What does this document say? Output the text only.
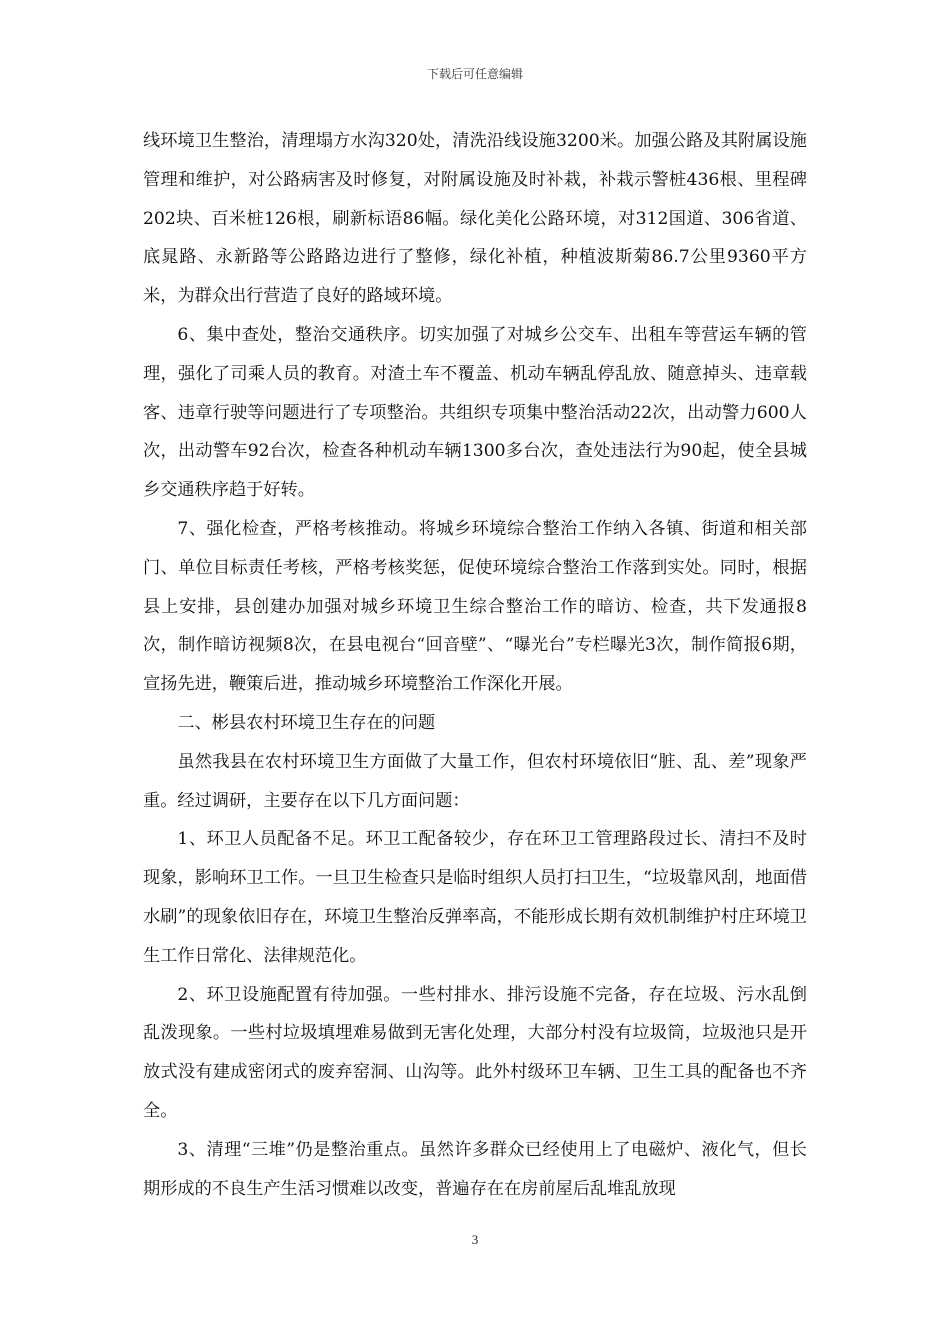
下载后可任意编辑

线环境卫生整治，清理塌方水沟320处，清洗沿线设施3200米。加强公路及其附属设施管理和维护，对公路病害及时修复，对附属设施及时补栽，补栽示警桩436根、里程碑202块、百米桩126根，刷新标语86幅。绿化美化公路环境，对312国道、306省道、底晁路、永新路等公路路边进行了整修，绿化补植，种植波斯菊86.7公里9360平方米，为群众出行营造了良好的路域环境。

6、集中查处，整治交通秩序。切实加强了对城乡公交车、出租车等营运车辆的管理，强化了司乘人员的教育。对渣土车不覆盖、机动车辆乱停乱放、随意掉头、违章载客、违章行驶等问题进行了专项整治。共组织专项集中整治活动22次，出动警力600人次，出动警车92台次，检查各种机动车辆1300多台次，查处违法行为90起，使全县城乡交通秩序趋于好转。

7、强化检查，严格考核推动。将城乡环境综合整治工作纳入各镇、街道和相关部门、单位目标责任考核，严格考核奖惩，促使环境综合整治工作落到实处。同时，根据县上安排，县创建办加强对城乡环境卫生综合整治工作的暗访、检查，共下发通报8次，制作暗访视频8次，在县电视台“回音壁”、“曝光台”专栏曝光3次，制作简报6期，宣扬先进，鞭策后进，推动城乡环境整治工作深化开展。

二、彬县农村环境卫生存在的问题

虽然我县在农村环境卫生方面做了大量工作，但农村环境依旧“脏、乱、差”现象严重。经过调研，主要存在以下几方面问题：

1、环卫人员配备不足。环卫工配备较少，存在环卫工管理路段过长、清扫不及时现象，影响环卫工作。一旦卫生检查只是临时组织人员打扫卫生，“垃圾靠风刮，地面借水刷”的现象依旧存在，环境卫生整治反弹率高，不能形成长期有效机制维护村庄环境卫生工作日常化、法律规范化。

2、环卫设施配置有待加强。一些村排水、排污设施不完备，存在垃圾、污水乱倒乱泼现象。一些村垃圾填埋难易做到无害化处理，大部分村没有垃圾筒，垃圾池只是开放式没有建成密闭式的废弃窑洞、山沟等。此外村级环卫车辆、卫生工具的配备也不齐全。

3、清理“三堆”仍是整治重点。虽然许多群众已经使用上了电磁炉、液化气，但长期形成的不良生产生活习惯难以改变，普遍存在在房前屋后乱堆乱放现

3
